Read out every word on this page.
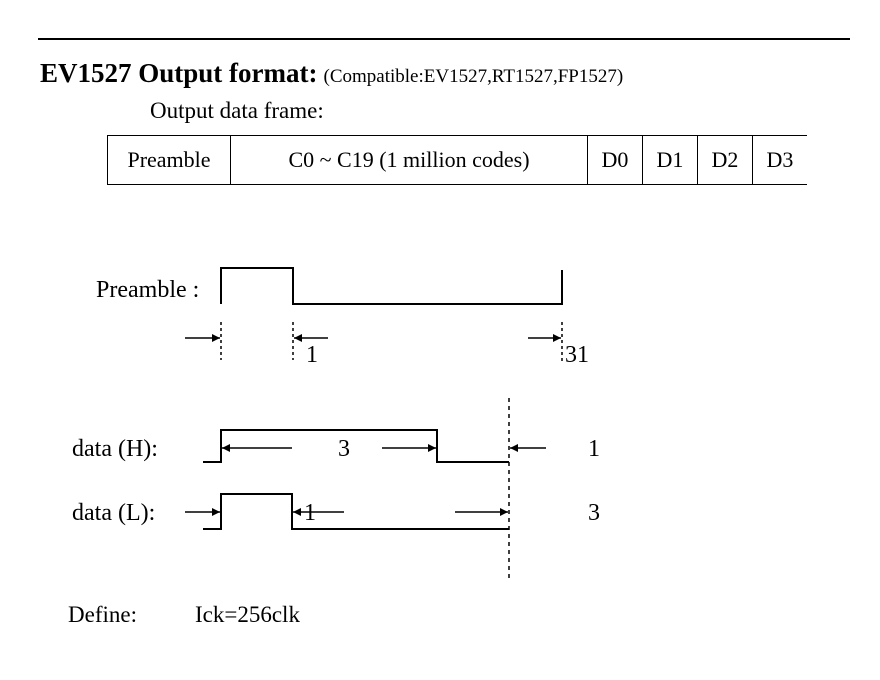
EV1527 Output format: (Compatible:EV1527,RT1527,FP1527)
Output data frame:
Preamble	C0 ~ C19 (1 million codes)	D0	D1	D2	D3
Preamble :
1	31
data (H):	3	1
data (L):	1	3
Define:	Ick=256clk
